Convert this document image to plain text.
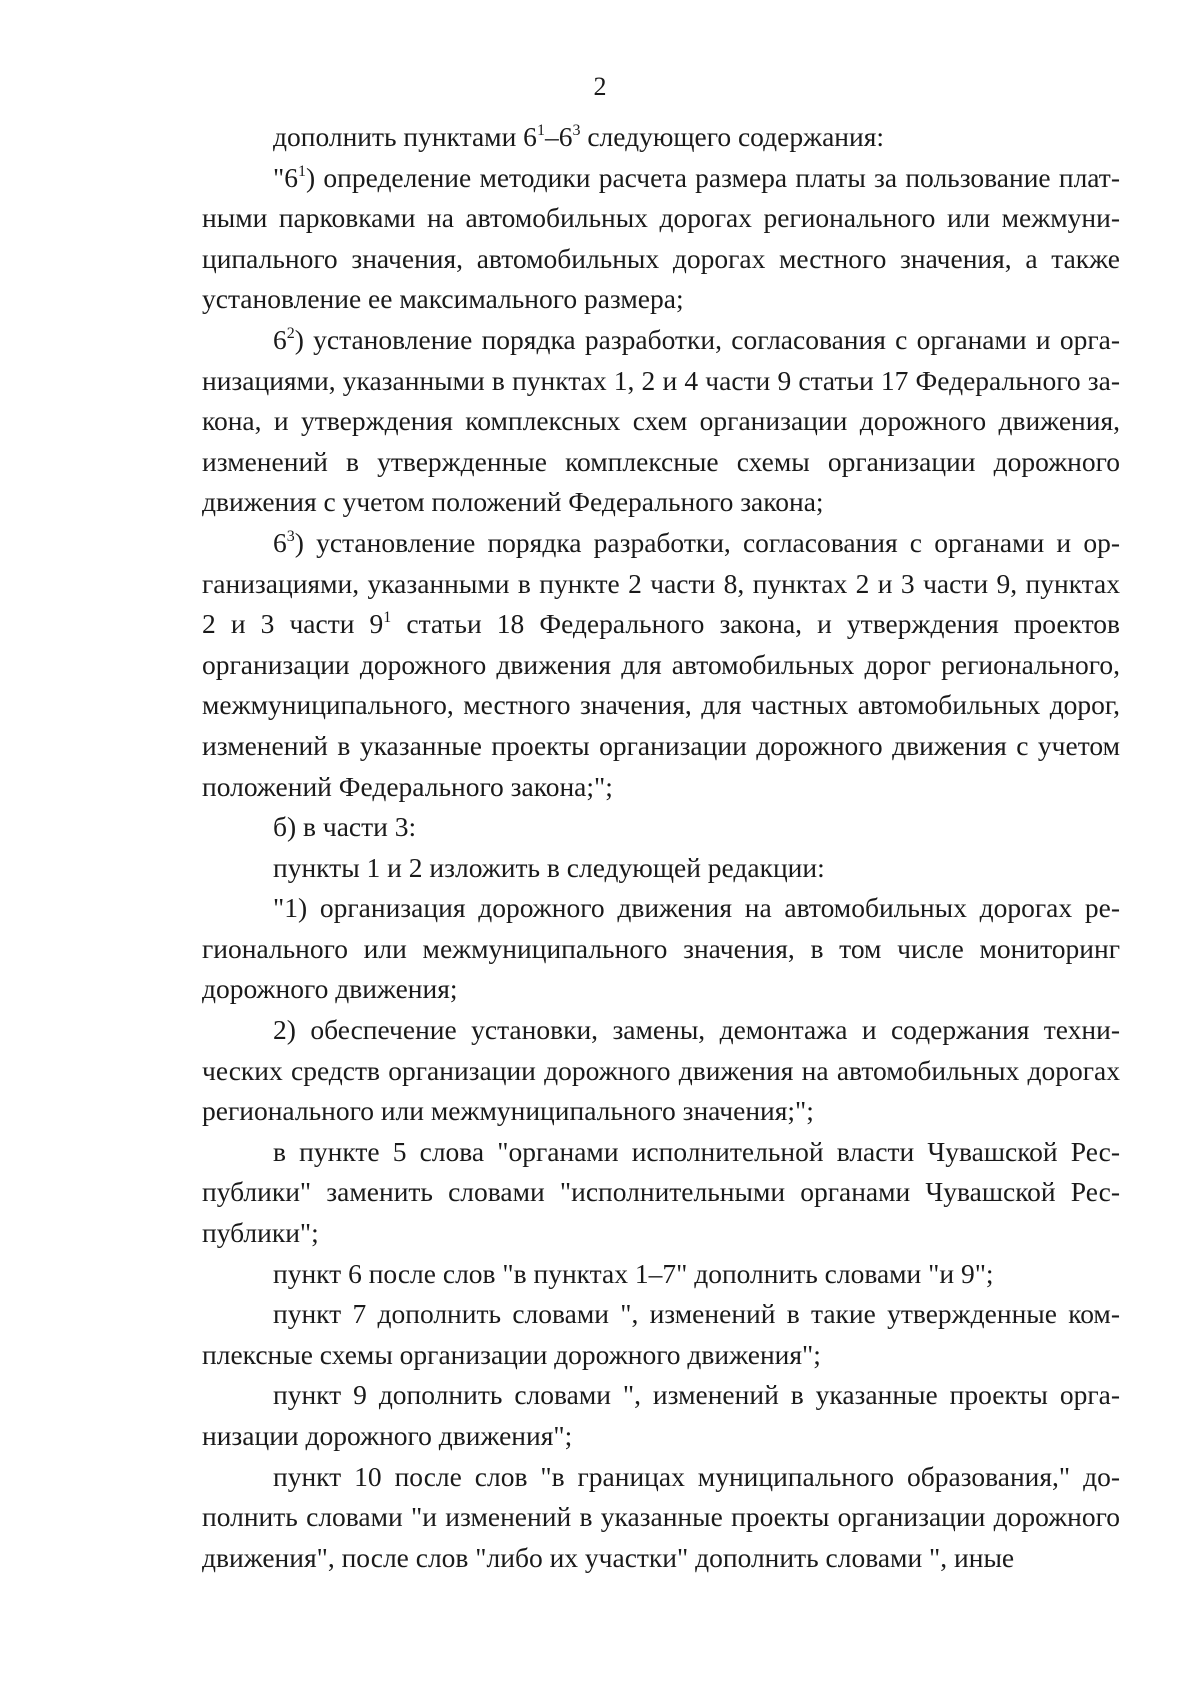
2

дополнить пунктами $6^1-6^3$ следующего содержания:

"$6^1$) определение методики расчета размера платы за пользование платными парковками на автомобильных дорогах регионального или межмуниципального значения, автомобильных дорогах местного значения, а также установление ее максимального размера;

$6^2$) установление порядка разработки, согласования с органами и организациями, указанными в пунктах 1, 2 и 4 части 9 статьи 17 Федерального закона, и утверждения комплексных схем организации дорожного движения, изменений в утвержденные комплексные схемы организации дорожного движения с учетом положений Федерального закона;

$6^3$) установление порядка разработки, согласования с органами и организациями, указанными в пункте 2 части 8, пунктах 2 и 3 части 9, пунктах 2 и 3 части $9^1$ статьи 18 Федерального закона, и утверждения проектов организации дорожного движения для автомобильных дорог регионального, межмуниципального, местного значения, для частных автомобильных дорог, изменений в указанные проекты организации дорожного движения с учетом положений Федерального закона;";

б) в части 3:

пункты 1 и 2 изложить в следующей редакции:

"1) организация дорожного движения на автомобильных дорогах регионального или межмуниципального значения, в том числе мониторинг дорожного движения;

2) обеспечение установки, замены, демонтажа и содержания технических средств организации дорожного движения на автомобильных дорогах регионального или межмуниципального значения;";

в пункте 5 слова "органами исполнительной власти Чувашской Республики" заменить словами "исполнительными органами Чувашской Республики";

пункт 6 после слов "в пунктах 1–7" дополнить словами "и 9";

пункт 7 дополнить словами ", изменений в такие утвержденные комплексные схемы организации дорожного движения";

пункт 9 дополнить словами ", изменений в указанные проекты организации дорожного движения";

пункт 10 после слов "в границах муниципального образования," дополнить словами "и изменений в указанные проекты организации дорожного движения", после слов "либо их участки" дополнить словами ", иные
